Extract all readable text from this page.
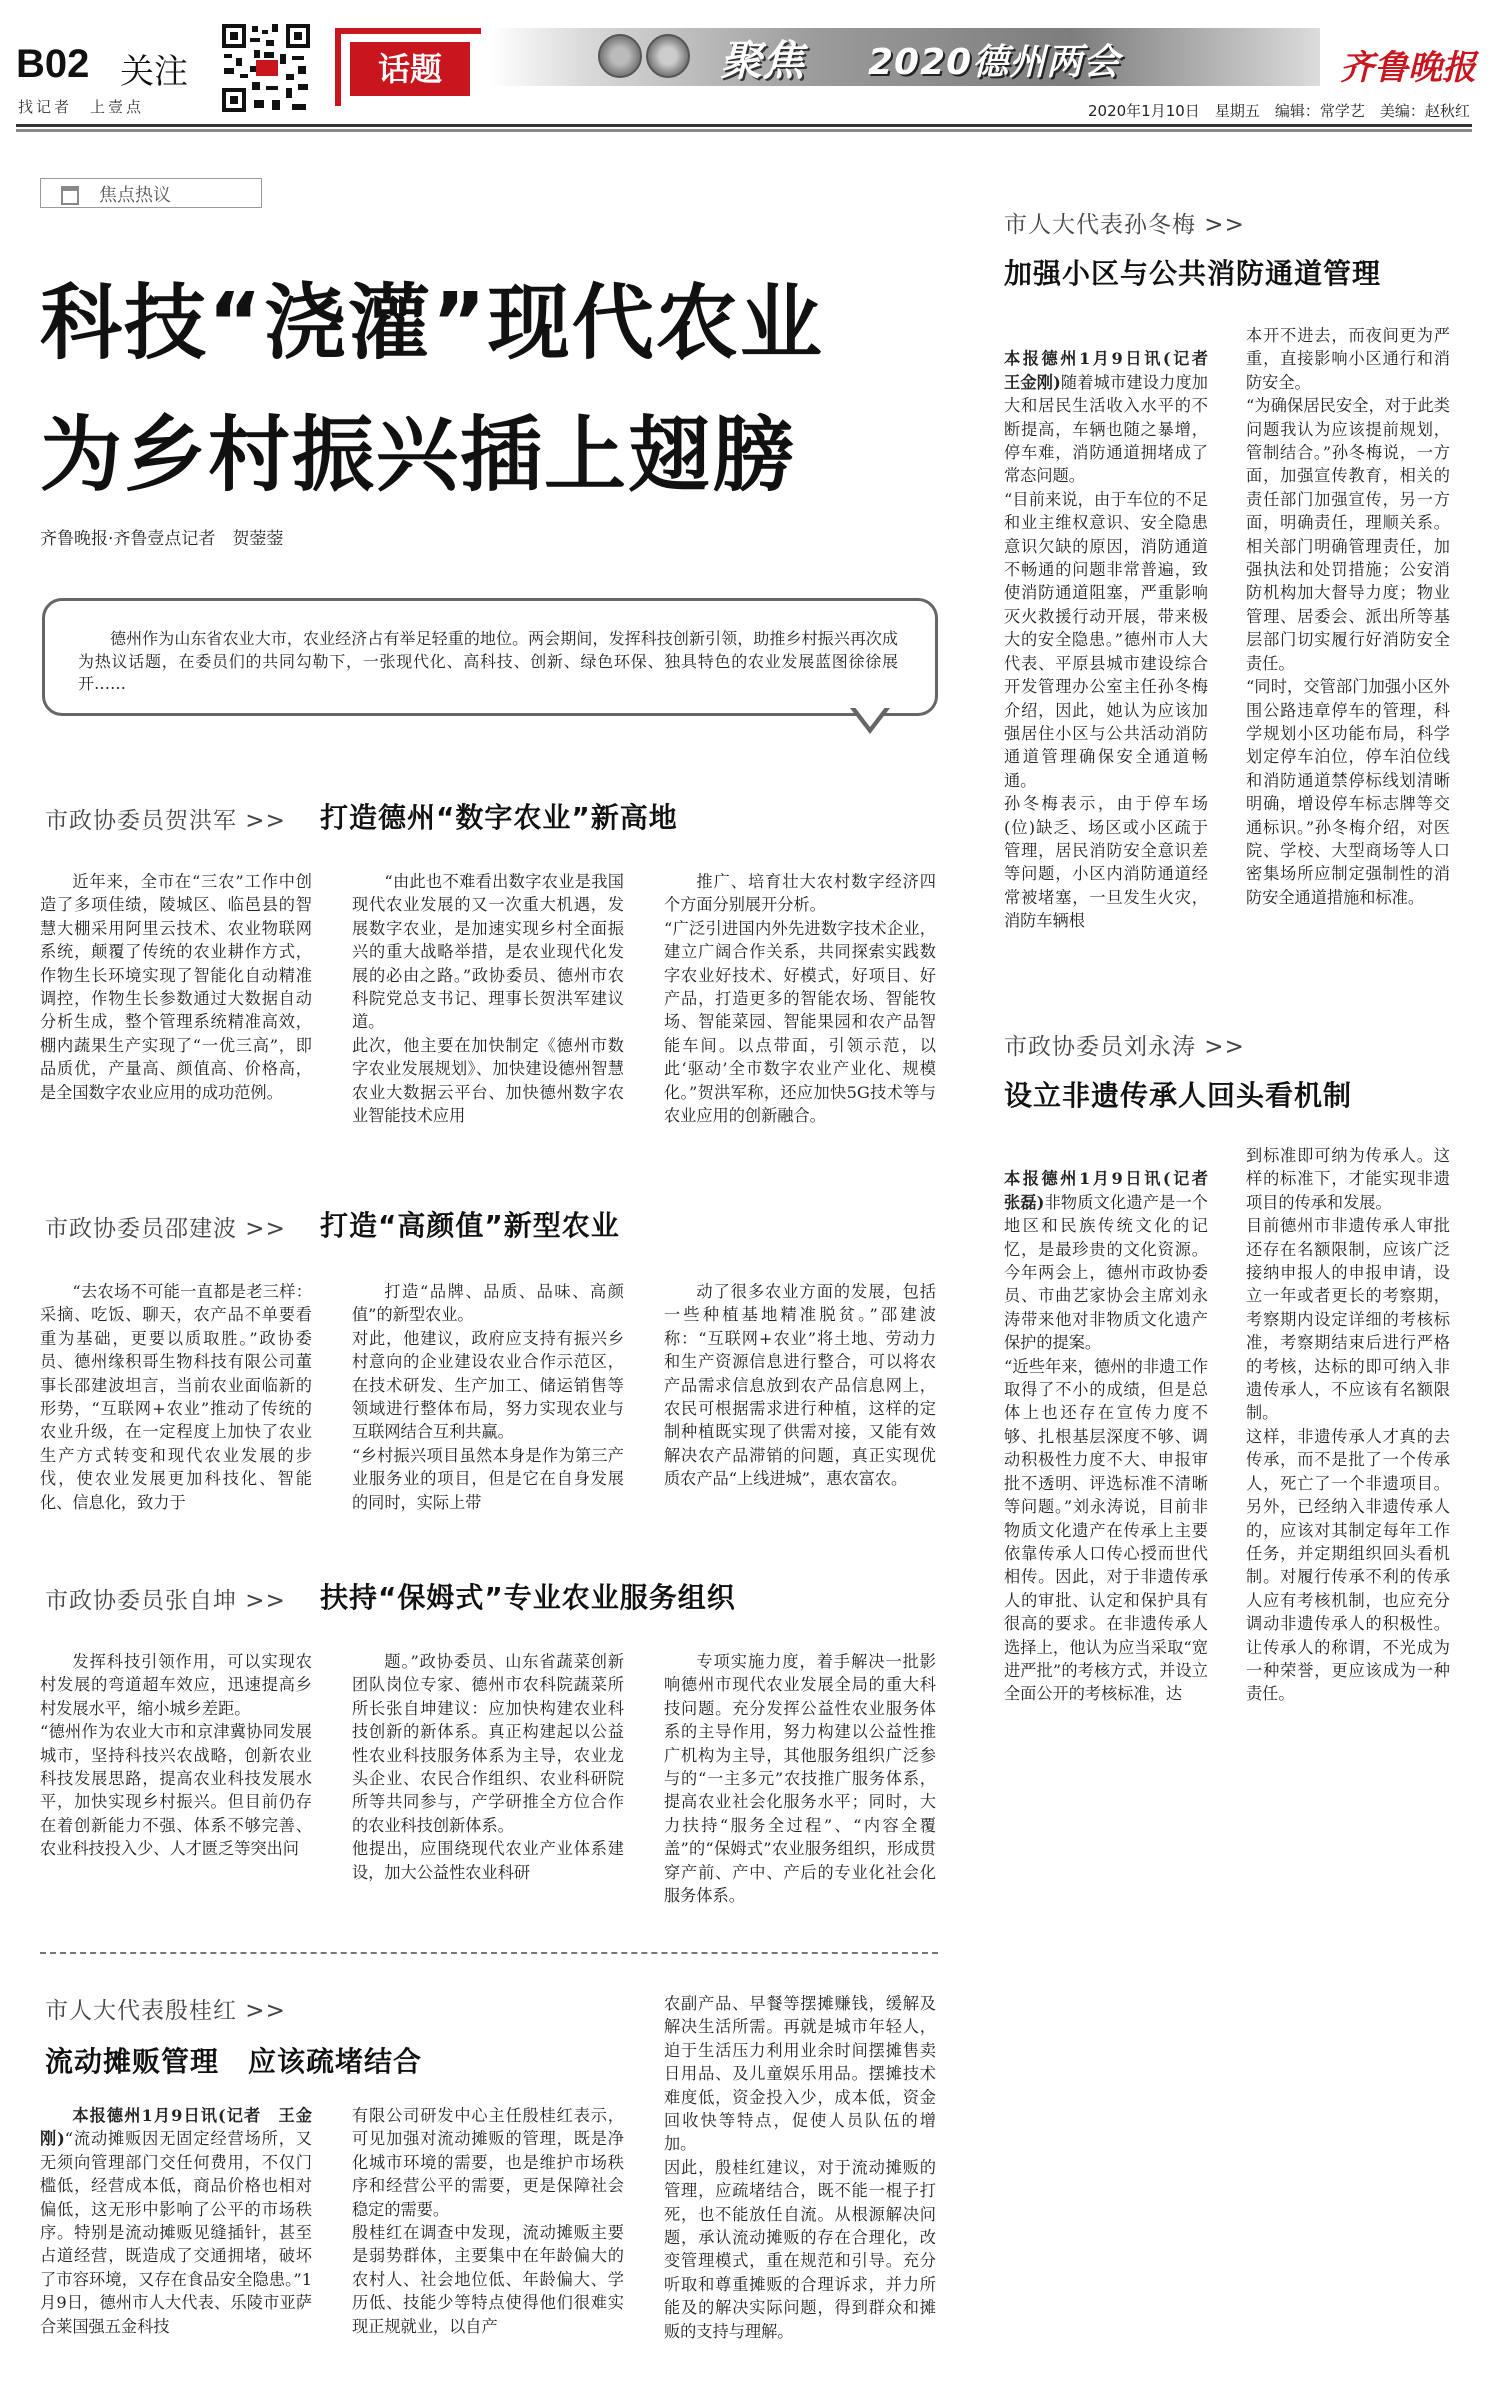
B02 关注
找记者　上壹点
话题	聚焦 2020德州两会	齐鲁晚报
2020年1月10日　 星期五　 编辑：常学艺　 美编：赵秋红
焦点热议
科技“浇灌”现代农业
为乡村振兴插上翅膀
齐鲁晚报·齐鲁壹点记者　贺蓥蓥
德州作为山东省农业大市，农业经济占有举足轻重的地位。两会期间，发挥科技创新引领，助推乡村振兴再次成为热议话题，在委员们的共同勾勒下，一张现代化、高科技、创新、绿色环保、独具特色的农业发展蓝图徐徐展开……
市政协委员贺洪军 >> 打造德州“数字农业”新高地
近年来，全市在“三农”工作中创造了多项佳绩，陵城区、临邑县的智慧大棚采用阿里云技术、农业物联网系统，颠覆了传统的农业耕作方式，作物生长环境实现了智能化自动精准调控，作物生长参数通过大数据自动分析生成，整个管理系统精准高效，棚内蔬果生产实现了“一优三高”，即品质优，产量高、颜值高、价格高，是全国数字农业应用的成功范例。
“由此也不难看出数字农业是我国现代农业发展的又一次重大机遇，发展数字农业，是加速实现乡村全面振兴的重大战略举措，是农业现代化发展的必由之路。”政协委员、德州市农科院党总支书记、理事长贺洪军建议道。
此次，他主要在加快制定《德州市数字农业发展规划》、加快建设德州智慧农业大数据云平台、加快德州数字农业智能技术应用
推广、培育壮大农村数字经济四个方面分别展开分析。
“广泛引进国内外先进数字技术企业，建立广阔合作关系，共同探索实践数字农业好技术、好模式，好项目、好产品，打造更多的智能农场、智能牧场、智能菜园、智能果园和农产品智能车间。以点带面，引领示范，以此‘驱动’全市数字农业产业化、规模化。”贺洪军称，还应加快5G技术等与农业应用的创新融合。
市政协委员邵建波 >> 打造“高颜值”新型农业
“去农场不可能一直都是老三样：采摘、吃饭、聊天，农产品不单要看重为基础，更要以质取胜。”政协委员、德州缘积哥生物科技有限公司董事长邵建波坦言，当前农业面临新的形势，“互联网+农业”推动了传统的农业升级，在一定程度上加快了农业生产方式转变和现代农业发展的步伐，使农业发展更加科技化、智能化、信息化，致力于
打造“品牌、品质、品味、高颜值”的新型农业。
对此，他建议，政府应支持有振兴乡村意向的企业建设农业合作示范区，在技术研发、生产加工、储运销售等领域进行整体布局，努力实现农业与互联网结合互利共赢。
“乡村振兴项目虽然本身是作为第三产业服务业的项目，但是它在自身发展的同时，实际上带
动了很多农业方面的发展，包括一些种植基地精准脱贫。”邵建波称：“互联网+农业”将土地、劳动力和生产资源信息进行整合，可以将农产品需求信息放到农产品信息网上，农民可根据需求进行种植，这样的定制种植既实现了供需对接，又能有效解决农产品滞销的问题，真正实现优质农产品“上线进城”，惠农富农。
市政协委员张自坤 >> 扶持“保姆式”专业农业服务组织
发挥科技引领作用，可以实现农村发展的弯道超车效应，迅速提高乡村发展水平，缩小城乡差距。
“德州作为农业大市和京津冀协同发展城市，坚持科技兴农战略，创新农业科技发展思路，提高农业科技发展水平，加快实现乡村振兴。但目前仍存在着创新能力不强、体系不够完善、农业科技投入少、人才匮乏等突出问
题。”政协委员、山东省蔬菜创新团队岗位专家、德州市农科院蔬菜所所长张自坤建议：应加快构建农业科技创新的新体系。真正构建起以公益性农业科技服务体系为主导，农业龙头企业、农民合作组织、农业科研院所等共同参与，产学研推全方位合作的农业科技创新体系。
他提出，应围绕现代农业产业体系建设，加大公益性农业科研
专项实施力度，着手解决一批影响德州市现代农业发展全局的重大科技问题。充分发挥公益性农业服务体系的主导作用，努力构建以公益性推广机构为主导，其他服务组织广泛参与的“一主多元”农技推广服务体系，提高农业社会化服务水平；同时，大力扶持“服务全过程”、“内容全覆盖”的“保姆式”农业服务组织，形成贯穿产前、产中、产后的专业化社会化服务体系。
市人大代表殷桂红 >>
流动摊贩管理　应该疏堵结合
本报德州1月9日讯(记者　王金刚)“流动摊贩因无固定经营场所，又无须向管理部门交任何费用，不仅门槛低，经营成本低，商品价格也相对偏低，这无形中影响了公平的市场秩序。特别是流动摊贩见缝插针，甚至占道经营，既造成了交通拥堵，破坏了市容环境，又存在食品安全隐患。”1月9日，德州市人大代表、乐陵市亚萨合莱国强五金科技
有限公司研发中心主任殷桂红表示，可见加强对流动摊贩的管理，既是净化城市环境的需要，也是维护市场秩序和经营公平的需要，更是保障社会稳定的需要。
殷桂红在调查中发现，流动摊贩主要是弱势群体，主要集中在年龄偏大的农村人、社会地位低、年龄偏大、学历低、技能少等特点使得他们很难实现正规就业，以自产
农副产品、早餐等摆摊赚钱，缓解及解决生活所需。再就是城市年轻人，迫于生活压力利用业余时间摆摊售卖日用品、及儿童娱乐用品。摆摊技术难度低，资金投入少，成本低，资金回收快等特点，促使人员队伍的增加。
因此，殷桂红建议，对于流动摊贩的管理，应疏堵结合，既不能一棍子打死，也不能放任自流。从根源解决问题，承认流动摊贩的存在合理化，改变管理模式，重在规范和引导。充分听取和尊重摊贩的合理诉求，并力所能及的解决实际问题，得到群众和摊贩的支持与理解。
市人大代表孙冬梅 >>
加强小区与公共消防通道管理

本报德州1月9日讯(记者　王金刚)随着城市建设力度加大和居民生活收入水平的不断提高，车辆也随之暴增，停车难，消防通道拥堵成了常态问题。
“目前来说，由于车位的不足和业主维权意识、安全隐患意识欠缺的原因，消防通道不畅通的问题非常普遍，致使消防通道阻塞，严重影响灭火救援行动开展，带来极大的安全隐患。”德州市人大代表、平原县城市建设综合开发管理办公室主任孙冬梅介绍，因此，她认为应该加强居住小区与公共活动消防通道管理确保安全通道畅通。
孙冬梅表示，由于停车场(位)缺乏、场区或小区疏于管理，居民消防安全意识差等问题，小区内消防通道经常被堵塞，一旦发生火灾，消防车辆根

本开不进去，而夜间更为严重，直接影响小区通行和消防安全。
“为确保居民安全，对于此类问题我认为应该提前规划，管制结合。”孙冬梅说，一方面，加强宣传教育，相关的责任部门加强宣传，另一方面，明确责任，理顺关系。相关部门明确管理责任，加强执法和处罚措施；公安消防机构加大督导力度；物业管理、居委会、派出所等基层部门切实履行好消防安全责任。
“同时，交管部门加强小区外围公路违章停车的管理，科学规划小区功能布局，科学划定停车泊位，停车泊位线和消防通道禁停标线划清晰明确，增设停车标志牌等交通标识。”孙冬梅介绍，对医院、学校、大型商场等人口密集场所应制定强制性的消防安全通道措施和标准。
市政协委员刘永涛 >>
设立非遗传承人回头看机制

本报德州1月9日讯(记者　张磊)非物质文化遗产是一个地区和民族传统文化的记忆，是最珍贵的文化资源。今年两会上，德州市政协委员、市曲艺家协会主席刘永涛带来他对非物质文化遗产保护的提案。
“近些年来，德州的非遗工作取得了不小的成绩，但是总体上也还存在宣传力度不够、扎根基层深度不够、调动积极性力度不大、申报审批不透明、评选标准不清晰等问题。”刘永涛说，目前非物质文化遗产在传承上主要依靠传承人口传心授而世代相传。因此，对于非遗传承人的审批、认定和保护具有很高的要求。在非遗传承人选择上，他认为应当采取“宽进严批”的考核方式，并设立全面公开的考核标准，达

到标准即可纳为传承人。这样的标准下，才能实现非遗项目的传承和发展。
目前德州市非遗传承人审批还存在名额限制，应该广泛接纳申报人的申报申请，设立一年或者更长的考察期，考察期内设定详细的考核标准，考察期结束后进行严格的考核，达标的即可纳入非遗传承人，不应该有名额限制。
这样，非遗传承人才真的去传承，而不是批了一个传承人，死亡了一个非遗项目。另外，已经纳入非遗传承人的，应该对其制定每年工作任务，并定期组织回头看机制。对履行传承不利的传承人应有考核机制，也应充分调动非遗传承人的积极性。让传承人的称谓，不光成为一种荣誉，更应该成为一种责任。
